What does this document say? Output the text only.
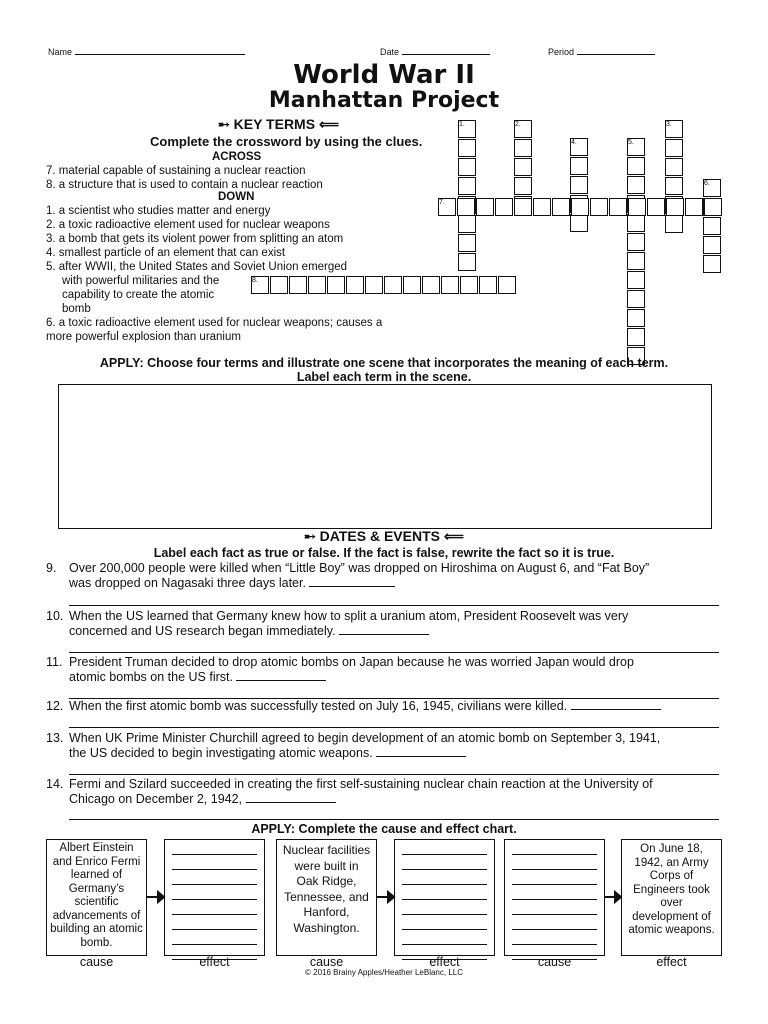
Name	Date	Period
World War II
Manhattan Project
➸ KEY TERMS ⟸
Complete the crossword by using the clues.
ACROSS
7. material capable of sustaining a nuclear reaction
8. a structure that is used to contain a nuclear reaction
DOWN
1. a scientist who studies matter and energy
2. a toxic radioactive element used for nuclear weapons
3. a bomb that gets its violent power from splitting an atom
4. smallest particle of an element that can exist
5. after WWII, the United States and Soviet Union emerged
with powerful militaries and the
capability to create the atomic
bomb
6. a toxic radioactive element used for nuclear weapons; causes a
more powerful explosion than uranium
1.	2.	3.
4.	5.
6.
7.
8.
APPLY: Choose four terms and illustrate one scene that incorporates the meaning of each term.
Label each term in the scene.
➸ DATES & EVENTS ⟸
Label each fact as true or false. If the fact is false, rewrite the fact so it is true.
9. Over 200,000 people were killed when “Little Boy” was dropped on Hiroshima on August 6, and “Fat Boy”
was dropped on Nagasaki three days later.
10. When the US learned that Germany knew how to split a uranium atom, President Roosevelt was very
concerned and US research began immediately.
11. President Truman decided to drop atomic bombs on Japan because he was worried Japan would drop
atomic bombs on the US first.
12. When the first atomic bomb was successfully tested on July 16, 1945, civilians were killed.
13. When UK Prime Minister Churchill agreed to begin development of an atomic bomb on September 3, 1941,
the US decided to begin investigating atomic weapons.
14. Fermi and Szilard succeeded in creating the first self-sustaining nuclear chain reaction at the University of
Chicago on December 2, 1942,
APPLY: Complete the cause and effect chart.
Albert Einstein and Enrico Fermi learned of Germany’s scientific advancements of building an atomic bomb.
Nuclear facilities were built in Oak Ridge, Tennessee, and Hanford, Washington.
On June 18, 1942, an Army Corps of Engineers took over development of atomic weapons.
cause	effect	cause	effect	cause	effect
© 2016 Brainy Apples/Heather LeBlanc, LLC
